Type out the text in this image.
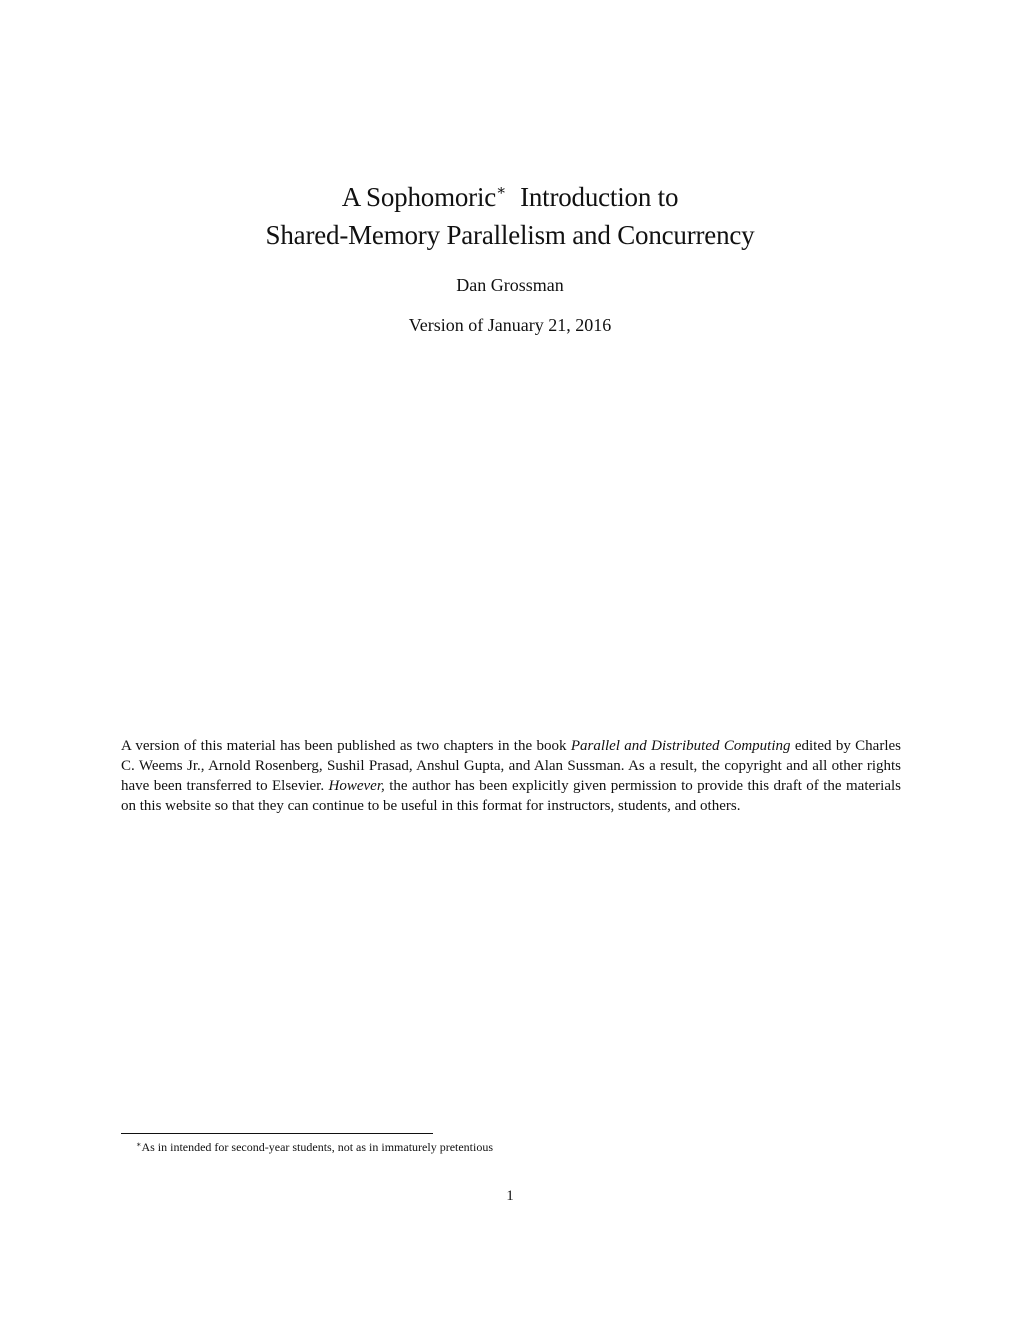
A Sophomoric∗ Introduction to
Shared-Memory Parallelism and Concurrency
Dan Grossman
Version of January 21, 2016
A version of this material has been published as two chapters in the book Parallel and Distributed Computing edited by Charles C. Weems Jr., Arnold Rosenberg, Sushil Prasad, Anshul Gupta, and Alan Sussman. As a result, the copyright and all other rights have been transferred to Elsevier. However, the author has been explicitly given permission to provide this draft of the materials on this website so that they can continue to be useful in this format for instructors, students, and others.
∗As in intended for second-year students, not as in immaturely pretentious
1
